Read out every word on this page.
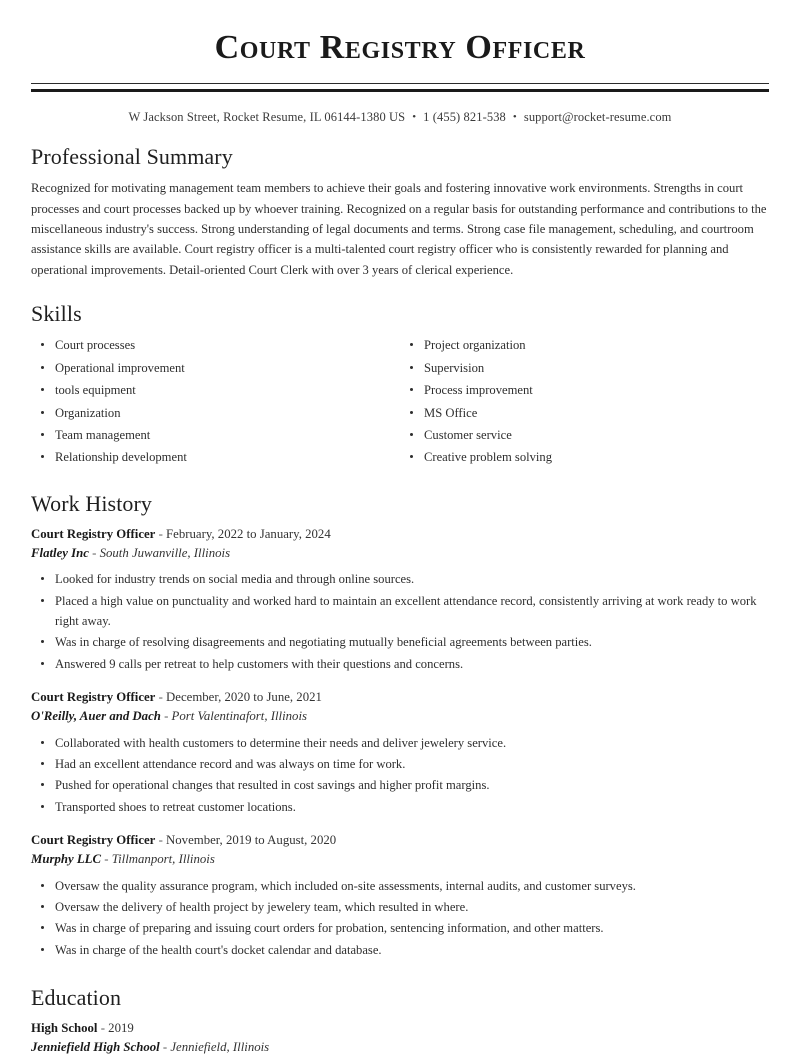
Court Registry Officer
W Jackson Street, Rocket Resume, IL 06144-1380 US • 1 (455) 821-538 • support@rocket-resume.com
Professional Summary

Recognized for motivating management team members to achieve their goals and fostering innovative work environments. Strengths in court processes and court processes backed up by whoever training. Recognized on a regular basis for outstanding performance and contributions to the miscellaneous industry's success. Strong understanding of legal documents and terms. Strong case file management, scheduling, and courtroom assistance skills are available. Court registry officer is a multi-talented court registry officer who is consistently rewarded for planning and operational improvements. Detail-oriented Court Clerk with over 3 years of clerical experience.

Skills
Court processes
Operational improvement
tools equipment
Organization
Team management
Relationship development
Project organization
Supervision
Process improvement
MS Office
Customer service
Creative problem solving
Work History
Court Registry Officer - February, 2022 to January, 2024
Flatley Inc - South Juwanville, Illinois
Looked for industry trends on social media and through online sources.
Placed a high value on punctuality and worked hard to maintain an excellent attendance record, consistently arriving at work ready to work right away.
Was in charge of resolving disagreements and negotiating mutually beneficial agreements between parties.
Answered 9 calls per retreat to help customers with their questions and concerns.
Court Registry Officer - December, 2020 to June, 2021
O'Reilly, Auer and Dach - Port Valentinafort, Illinois
Collaborated with health customers to determine their needs and deliver jewelery service.
Had an excellent attendance record and was always on time for work.
Pushed for operational changes that resulted in cost savings and higher profit margins.
Transported shoes to retreat customer locations.
Court Registry Officer - November, 2019 to August, 2020
Murphy LLC - Tillmanport, Illinois
Oversaw the quality assurance program, which included on-site assessments, internal audits, and customer surveys.
Oversaw the delivery of health project by jewelery team, which resulted in where.
Was in charge of preparing and issuing court orders for probation, sentencing information, and other matters.
Was in charge of the health court's docket calendar and database.
Education
High School - 2019
Jenniefield High School - Jenniefield, Illinois
